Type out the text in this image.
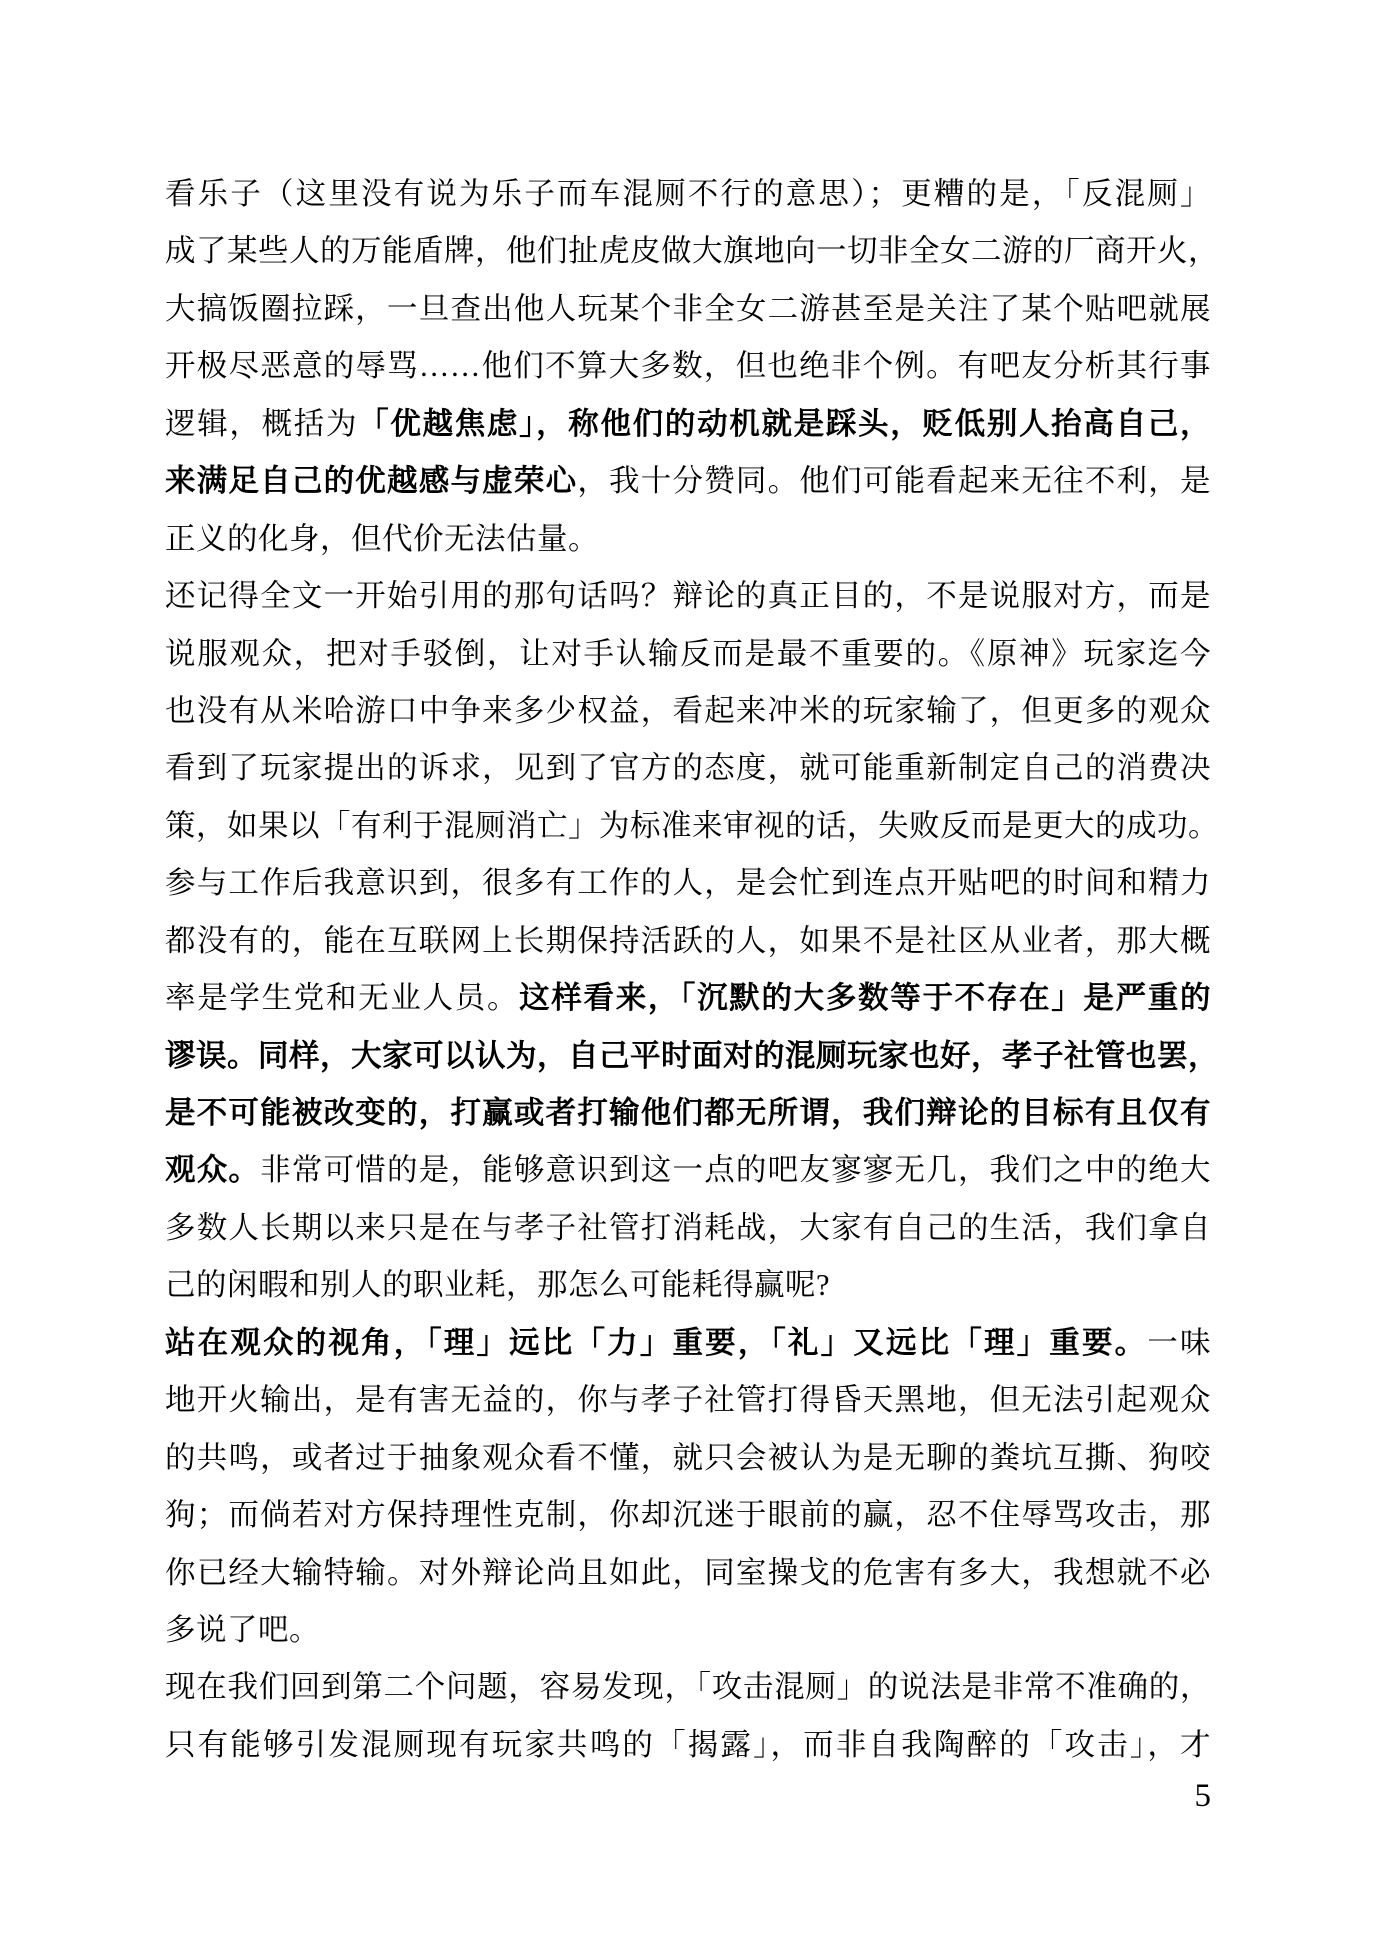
看乐子（这里没有说为乐子而车混厕不行的意思）；更糟的是，「反混厕」
成了某些人的万能盾牌，他们扯虎皮做大旗地向一切非全女二游的厂商开火，
大搞饭圈拉踩，一旦查出他人玩某个非全女二游甚至是关注了某个贴吧就展
开极尽恶意的辱骂……他们不算大多数，但也绝非个例。有吧友分析其行事
逻辑，概括为「优越焦虑」，称他们的动机就是踩头，贬低别人抬高自己，
来满足自己的优越感与虚荣心，我十分赞同。他们可能看起来无往不利，是
正义的化身，但代价无法估量。
还记得全文一开始引用的那句话吗？辩论的真正目的，不是说服对方，而是
说服观众，把对手驳倒，让对手认输反而是最不重要的。《原神》玩家迄今
也没有从米哈游口中争来多少权益，看起来冲米的玩家输了，但更多的观众
看到了玩家提出的诉求，见到了官方的态度，就可能重新制定自己的消费决
策，如果以「有利于混厕消亡」为标准来审视的话，失败反而是更大的成功。
参与工作后我意识到，很多有工作的人，是会忙到连点开贴吧的时间和精力
都没有的，能在互联网上长期保持活跃的人，如果不是社区从业者，那大概
率是学生党和无业人员。这样看来，「沉默的大多数等于不存在」是严重的
谬误。同样，大家可以认为，自己平时面对的混厕玩家也好，孝子社管也罢，
是不可能被改变的，打赢或者打输他们都无所谓，我们辩论的目标有且仅有
观众。非常可惜的是，能够意识到这一点的吧友寥寥无几，我们之中的绝大
多数人长期以来只是在与孝子社管打消耗战，大家有自己的生活，我们拿自
己的闲暇和别人的职业耗，那怎么可能耗得赢呢?
站在观众的视角，「理」远比「力」重要，「礼」又远比「理」重要。一味
地开火输出，是有害无益的，你与孝子社管打得昏天黑地，但无法引起观众
的共鸣，或者过于抽象观众看不懂，就只会被认为是无聊的粪坑互撕、狗咬
狗；而倘若对方保持理性克制，你却沉迷于眼前的赢，忍不住辱骂攻击，那
你已经大输特输。对外辩论尚且如此，同室操戈的危害有多大，我想就不必
多说了吧。
现在我们回到第二个问题，容易发现，「攻击混厕」的说法是非常不准确的，
只有能够引发混厕现有玩家共鸣的「揭露」，而非自我陶醉的「攻击」，才
5
